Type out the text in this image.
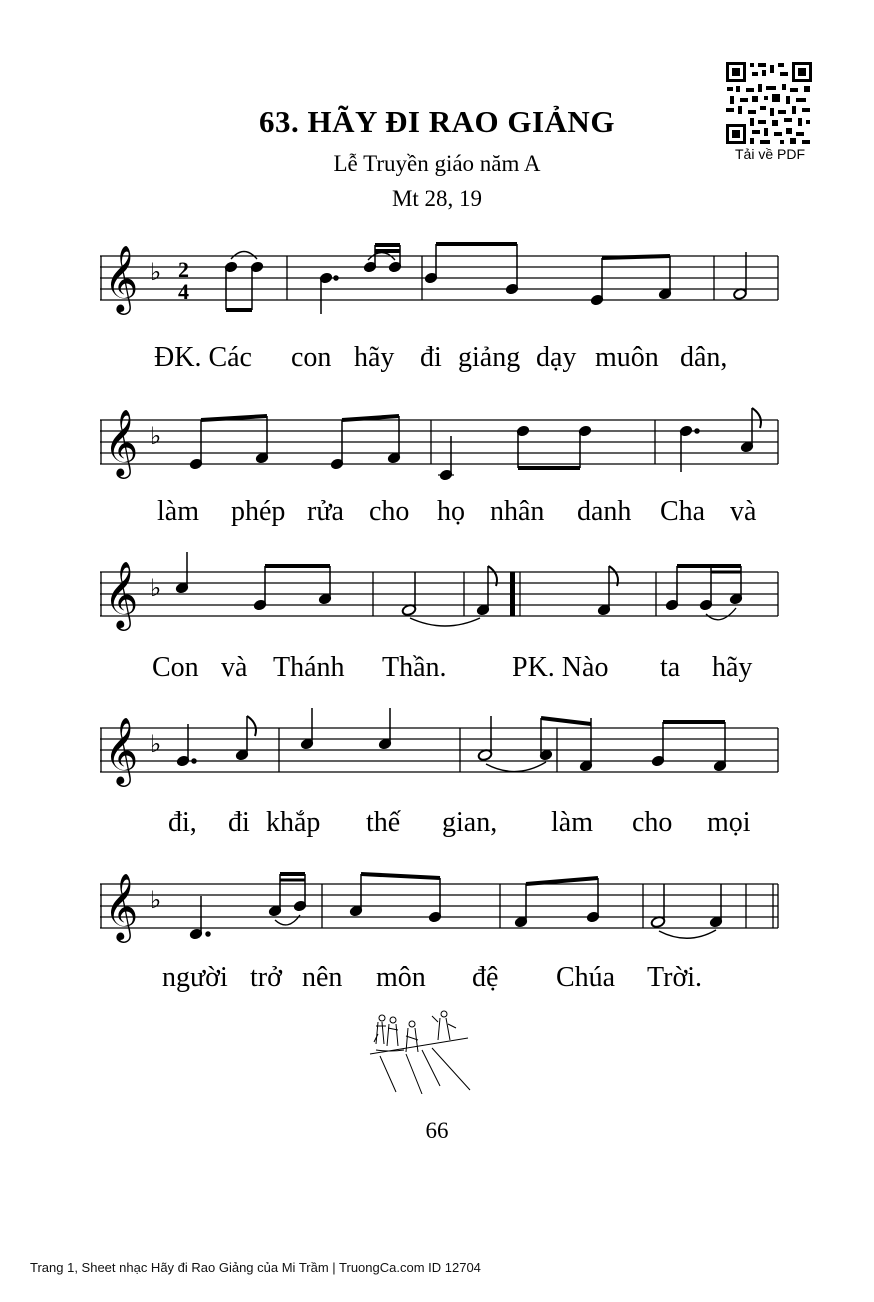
63. HÃY ĐI RAO GIẢNG
Lễ Truyền giáo năm A
Mt 28, 19
Tải về PDF
𝄞 ♭ 2
4
ĐK. Các con hãy đi giảng dạy muôn dân,
𝄞 ♭
làm phép rửa cho họ nhân danh Cha và
𝄞 ♭
Con và Thánh Thần. PK. Nào ta hãy
𝄞 ♭
đi, đi khắp thế gian, làm cho mọi
𝄞 ♭
người trở nên môn đệ Chúa Trời.
66
Trang 1, Sheet nhạc Hãy đi Rao Giảng của Mi Trầm | TruongCa.com ID 12704
